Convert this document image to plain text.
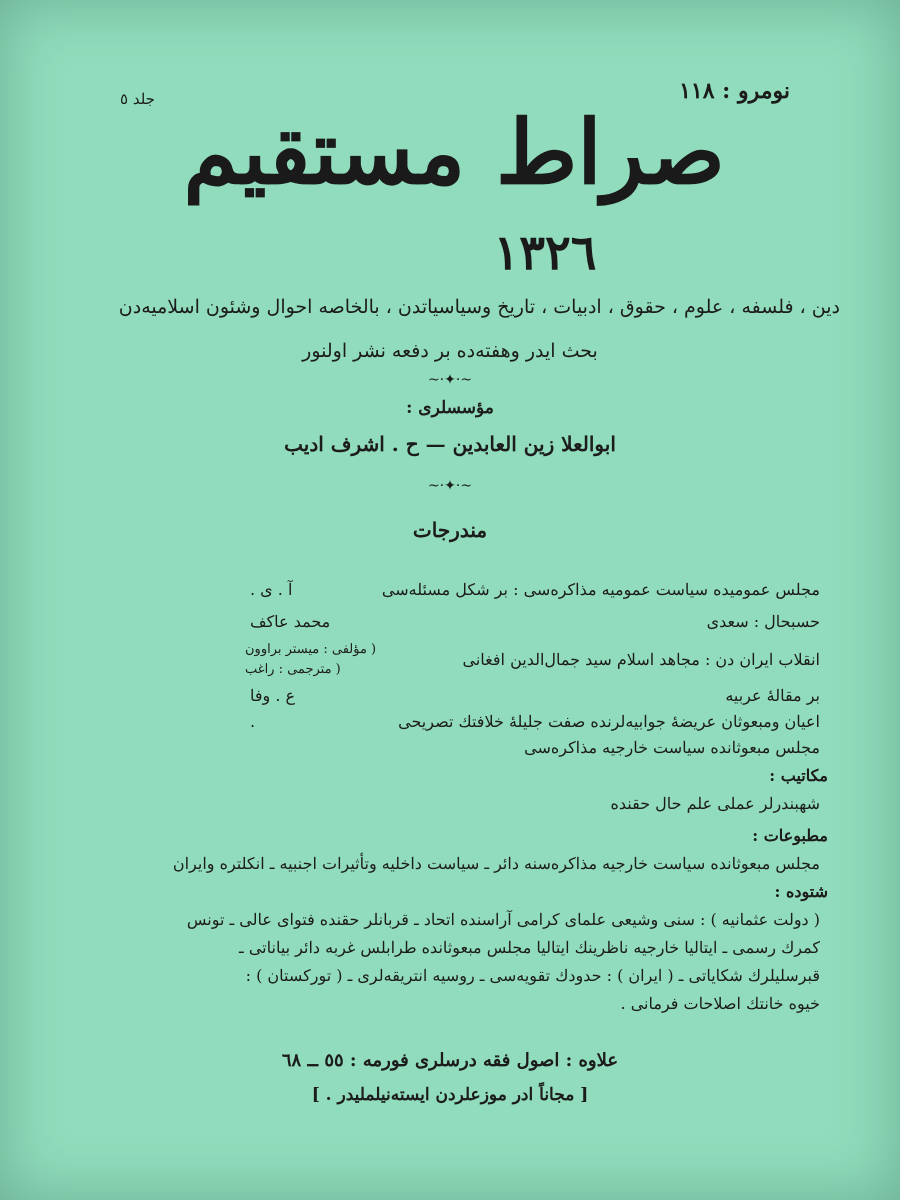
نومرو : ١١٨
جلد ٥
صراط مستقيم
١٣٢٦
دين ، فلسفه ، علوم ، حقوق ، ادبيات ، تاريخ وسياسياتدن ، بالخاصه احوال وشئون اسلاميه‌دن
بحث ايدر وهفته‌ده بر دفعه نشر اولنور
~·✦·~
مؤسسلرى :
ابوالعلا زين العابدين — ح . اشرف اديب
~·✦·~
مندرجات
مجلس عموميده سياست عموميه مذاكره‌سى : بر شكل مسئله‌سى
آ . ى .
حسبحال : سعدى
محمد عاكف
انقلاب ايران دن : مجاهد اسلام سيد جمال‌الدين افغانى
( مؤلفى : ميستر براوون
( مترجمى : راغب
بر مقاله‌ٔ عربيه
ع . وفا
اعيان ومبعوثان عريضهٔ جوابيه‌لرنده صفت جليله‌ٔ خلافتك تصريحى
.
مجلس مبعوثانده سياست خارجيه مذاكره‌سى
مكاتيب :
شهبندرلر عملى علم حال حقنده
مطبوعات :
مجلس مبعوثانده سياست خارجيه مذاكره‌سنه دائر ـ سياست داخليه وتأثيرات اجنبيه ـ انكلتره وايران
شتوده :
( دولت عثمانيه ) : سنى وشيعى علماى كرامى آراسنده اتحاد ـ قربانلر حقنده فتواى عالى ـ تونس
كمرك رسمى ـ ايتاليا خارجيه ناظرينك ايتاليا مجلس مبعوثانده طرابلس غربه دائر بياناتى ـ
قبرسليلرك شكاياتى ـ ( ايران ) : حدودك تقويه‌سى ـ روسيه انتريقه‌لرى ـ ( توركستان ) :
خيوه خانتك اصلاحات فرمانى .
علاوه : اصول فقه درسلرى فورمه : ٥٥ ــ ٦٨
[ مجاناً ادر موزعلردن ايسته‌نيلمليدر . ]
